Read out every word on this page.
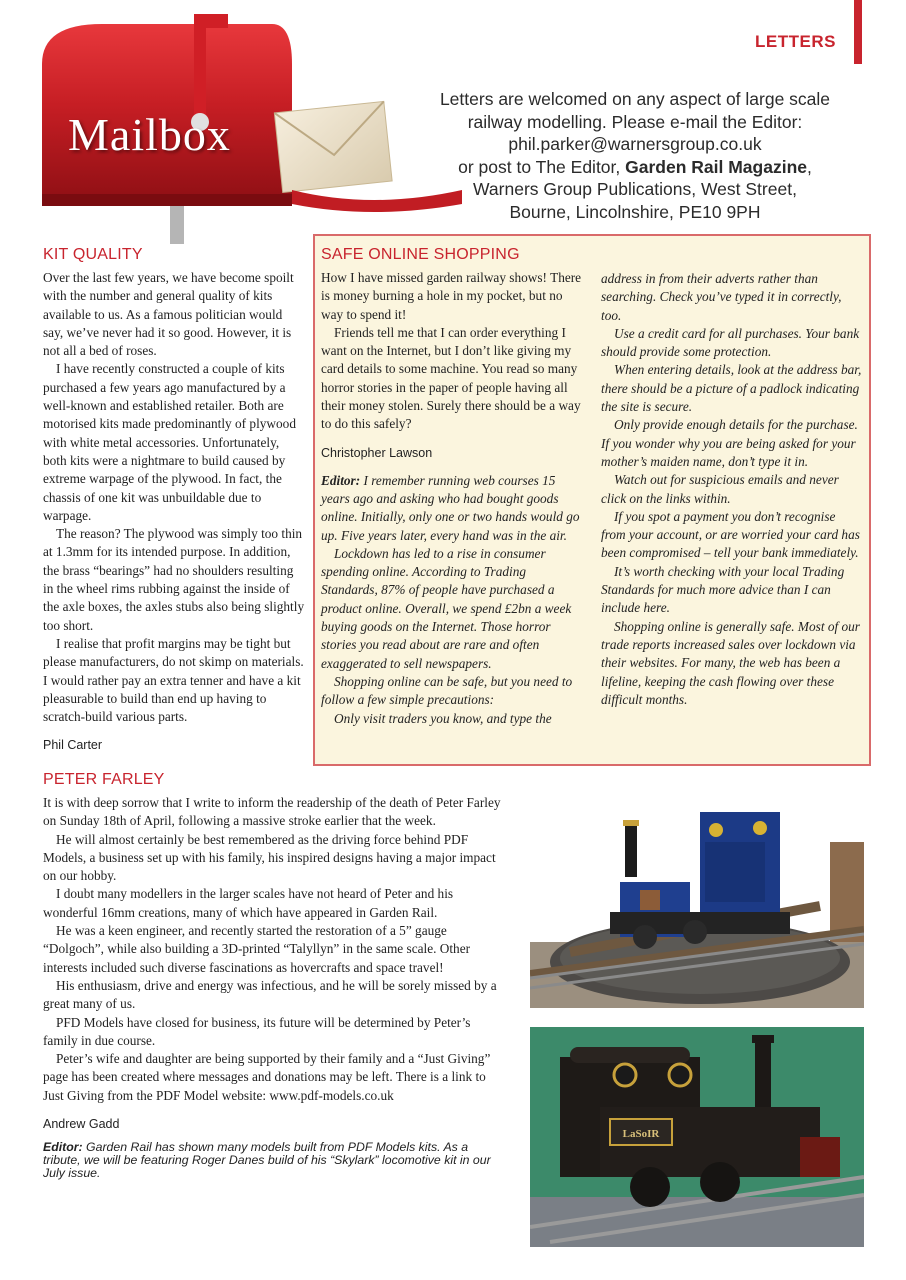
LETTERS
Mailbox
Letters are welcomed on any aspect of large scale
railway modelling. Please e-mail the Editor:
phil.parker@warnersgroup.co.uk
or post to The Editor, Garden Rail Magazine,
Warners Group Publications, West Street,
Bourne, Lincolnshire, PE10 9PH
KIT QUALITY

Over the last few years, we have become spoilt with the number and general quality of kits available to us. As a famous politician would say, we’ve never had it so good. However, it is not all a bed of roses.

I have recently constructed a couple of kits purchased a few years ago manufactured by a well-known and established retailer. Both are motorised kits made predominantly of plywood with white metal accessories. Unfortunately, both kits were a nightmare to build caused by extreme warpage of the plywood. In fact, the chassis of one kit was unbuildable due to warpage.

The reason? The plywood was simply too thin at 1.3mm for its intended purpose. In addition, the brass “bearings” had no shoulders resulting in the wheel rims rubbing against the inside of the axle boxes, the axles stubs also being slightly too short.

I realise that profit margins may be tight but please manufacturers, do not skimp on materials. I would rather pay an extra tenner and have a kit pleasurable to build than end up having to scratch-build various parts.

Phil Carter
SAFE ONLINE SHOPPING

How I have missed garden railway shows! There is money burning a hole in my pocket, but no way to spend it!

Friends tell me that I can order everything I want on the Internet, but I don’t like giving my card details to some machine. You read so many horror stories in the paper of people having all their money stolen. Surely there should be a way to do this safely?

Christopher Lawson

Editor: I remember running web courses 15 years ago and asking who had bought goods online. Initially, only one or two hands would go up. Five years later, every hand was in the air.

Lockdown has led to a rise in consumer spending online. According to Trading Standards, 87% of people have purchased a product online. Overall, we spend £2bn a week buying goods on the Internet. Those horror stories you read about are rare and often exaggerated to sell newspapers.

Shopping online can be safe, but you need to follow a few simple precautions:

Only visit traders you know, and type the

address in from their adverts rather than searching. Check you’ve typed it in correctly, too.

Use a credit card for all purchases. Your bank should provide some protection.

When entering details, look at the address bar, there should be a picture of a padlock indicating the site is secure.

Only provide enough details for the purchase. If you wonder why you are being asked for your mother’s maiden name, don’t type it in.

Watch out for suspicious emails and never click on the links within.

If you spot a payment you don’t recognise from your account, or are worried your card has been compromised – tell your bank immediately.

It’s worth checking with your local Trading Standards for much more advice than I can include here.

Shopping online is generally safe. Most of our trade reports increased sales over lockdown via their websites. For many, the web has been a lifeline, keeping the cash flowing over these difficult months.

PETER FARLEY

It is with deep sorrow that I write to inform the readership of the death of Peter Farley on Sunday 18th of April, following a massive stroke earlier that the week.

He will almost certainly be best remembered as the driving force behind PDF Models, a business set up with his family, his inspired designs having a major impact on our hobby.

I doubt many modellers in the larger scales have not heard of Peter and his wonderful 16mm creations, many of which have appeared in Garden Rail.

He was a keen engineer, and recently started the restoration of a 5” gauge “Dolgoch”, while also building a 3D-printed “Talyllyn” in the same scale. Other interests included such diverse fascinations as hovercrafts and space travel!

His enthusiasm, drive and energy was infectious, and he will be sorely missed by a great many of us.

PFD Models have closed for business, its future will be determined by Peter’s family in due course.

Peter’s wife and daughter are being supported by their family and a “Just Giving” page has been created where messages and donations may be left. There is a link to Just Giving from the PDF Model website: www.pdf-models.co.uk

Andrew Gadd
Editor: Garden Rail has shown many models built from PDF Models kits. As a tribute, we will be featuring Roger Danes build of his “Skylark” locomotive kit in our July issue.
LaSoIR
